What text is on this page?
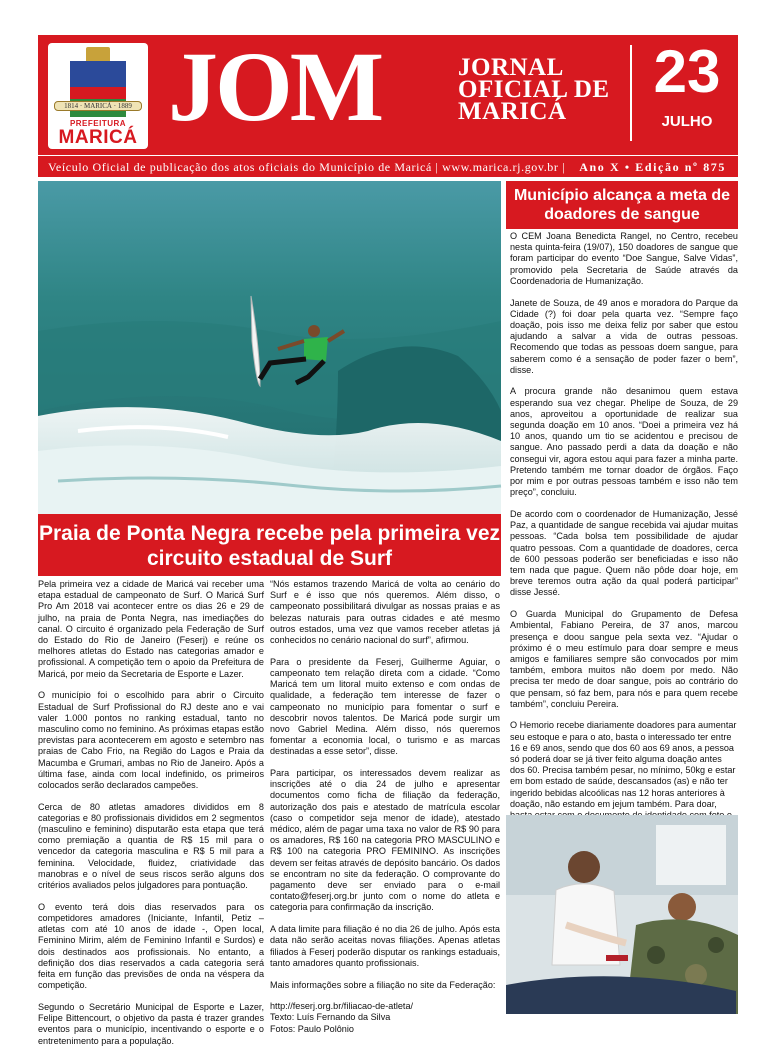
1814 · MARICÁ · 1889
PREFEITURA
MARICÁ JOM	JORNAL
OFICIAL DE
MARICÁ
23
JULHO
Veículo Oficial de publicação dos atos oficiais do Município de Maricá | www.marica.rj.gov.br | Ano X • Edição nº 875
Município alcança a meta de doadores de sangue

O CEM Joana Benedicta Rangel, no Centro, recebeu nesta quinta-feira (19/07), 150 doadores de sangue que foram participar do evento “Doe Sangue, Salve Vidas”, promovido pela Secretaria de Saúde através da Coordenadoria de Humanização.

Janete de Souza, de 49 anos e moradora do Parque da Cidade (?) foi doar pela quarta vez. “Sempre faço doação, pois isso me deixa feliz por saber que estou ajudando a salvar a vida de outras pessoas. Recomendo que todas as pessoas doem sangue, para saberem como é a sensação de poder fazer o bem”, disse.

A procura grande não desanimou quem estava esperando sua vez chegar. Phelipe de Souza, de 29 anos, aproveitou a oportunidade de realizar sua segunda doação em 10 anos. “Doei a primeira vez há 10 anos, quando um tio se acidentou e precisou de sangue. Ano passado perdi a data da doação e não consegui vir, agora estou aqui para fazer a minha parte. Pretendo também me tornar doador de órgãos. Faço por mim e por outras pessoas também e isso não tem preço”, concluiu.

De acordo com o coordenador de Humanização, Jessé Paz, a quantidade de sangue recebida vai ajudar muitas pessoas. “Cada bolsa tem possibilidade de ajudar quatro pessoas. Com a quantidade de doadores, cerca de 600 pessoas poderão ser beneficiadas e isso não tem nada que pague. Quem não pôde doar hoje, em breve teremos outra ação da qual poderá participar” disse Jessé.

O Guarda Municipal do Grupamento de Defesa Ambiental, Fabiano Pereira, de 37 anos, marcou presença e doou sangue pela sexta vez. “Ajudar o próximo é o meu estímulo para doar sempre e meus amigos e familiares sempre são convocados por mim também, embora muitos não doem por medo. Não precisa ter medo de doar sangue, pois ao contrário do que pensam, só faz bem, para nós e para quem recebe também”, concluiu Pereira.

O Hemorio recebe diariamente doadores para aumentar seu estoque e para o ato, basta o interessado ter entre 16 e 69 anos, sendo que dos 60 aos 69 anos, a pessoa só poderá doar se já tiver feito alguma doação antes dos 60. Precisa também pesar, no mínimo, 50kg e estar em bom estado de saúde, descansados (as) e não ter ingerido bebidas alcoólicas nas 12 horas anteriores à doação, não estando em jejum também. Para doar,

Praia de Ponta Negra recebe pela primeira vez circuito estadual de Surf

Pela primeira vez a cidade de Maricá vai receber uma etapa estadual de campeonato de Surf. O Maricá Surf Pro Am 2018 vai acontecer entre os dias 26 e 29 de julho, na praia de Ponta Negra, nas imediações do canal. O circuito é organizado pela Federação de Surf do Estado do Rio de Janeiro (Feserj) e reúne os melhores atletas do Estado nas categorias amador e profissional. A competição tem o apoio da Prefeitura de Maricá, por meio da Secretaria de Esporte e Lazer.

O município foi o escolhido para abrir o Circuito Estadual de Surf Profissional do RJ deste ano e vai valer 1.000 pontos no ranking estadual, tanto no masculino como no feminino. As próximas etapas estão previstas para acontecerem em agosto e setembro nas praias de Cabo Frio, na Região do Lagos e Praia da Macumba e Grumari, ambas no Rio de Janeiro. Após a última fase, ainda com local indefinido, os primeiros colocados serão declarados campeões.

Cerca de 80 atletas amadores divididos em 8 categorias e 80 profissionais divididos em 2 segmentos (masculino e feminino) disputarão esta etapa que terá como premiação a quantia de R$ 15 mil para o vencedor da categoria masculina e R$ 5 mil para a feminina. Velocidade, fluidez, criatividade das manobras e o nível de seus riscos serão alguns dos critérios avaliados pelos julgadores para pontuação.

O evento terá dois dias reservados para os competidores amadores (Iniciante, Infantil, Petiz – atletas com até 10 anos de idade -, Open local, Feminino Mirim, além de Feminino Infantil e Surdos) e dois destinados aos profissionais. No entanto, a definição dos dias reservados a cada categoria será feita em função das previsões de onda na véspera da competição.

Segundo o Secretário Municipal de Esporte e Lazer, Felipe Bittencourt, o objetivo da pasta é trazer grandes eventos para o município, incentivando o esporte e o entretenimento para a população.

“Nós estamos trazendo Maricá de volta ao cenário do Surf e é isso que nós queremos. Além disso, o campeonato possibilitará divulgar as nossas praias e as belezas naturais para outras cidades e até mesmo outros estados, uma vez que vamos receber atletas já conhecidos no cenário nacional do surf”, afirmou.

Para o presidente da Feserj, Guilherme Aguiar, o campeonato tem relação direta com a cidade. “Como Maricá tem um litoral muito extenso e com ondas de qualidade, a federação tem interesse de fazer o campeonato no município para fomentar o surf e descobrir novos talentos. De Maricá pode surgir um novo Gabriel Medina. Além disso, nós queremos fomentar a economia local, o turismo e as marcas destinadas a esse setor”, disse.

Para participar, os interessados devem realizar as inscrições até o dia 24 de julho e apresentar documentos como ficha de filiação da federação, autorização dos pais e atestado de matrícula escolar (caso o competidor seja menor de idade), atestado médico, além de pagar uma taxa no valor de R$ 90 para os amadores, R$ 160 na categoria PRO MASCULINO e R$ 100 na categoria PRO FEMININO. As inscrições devem ser feitas através de depósito bancário. Os dados se encontram no site da federação. O comprovante do pagamento deve ser enviado para o e-mail contato@feserj.org.br junto com o nome do atleta e categoria para confirmação da inscrição.

A data limite para filiação é no dia 26 de julho. Após esta data não serão aceitas novas filiações. Apenas atletas filiados à Feserj poderão disputar os rankings estaduais, tanto amadores quanto profissionais.

Mais informações sobre a filiação no site da Federação:

http://feserj.org.br/filiacao-de-atleta/

Texto: Luís Fernando da Silva

Fotos: Paulo Polônio
